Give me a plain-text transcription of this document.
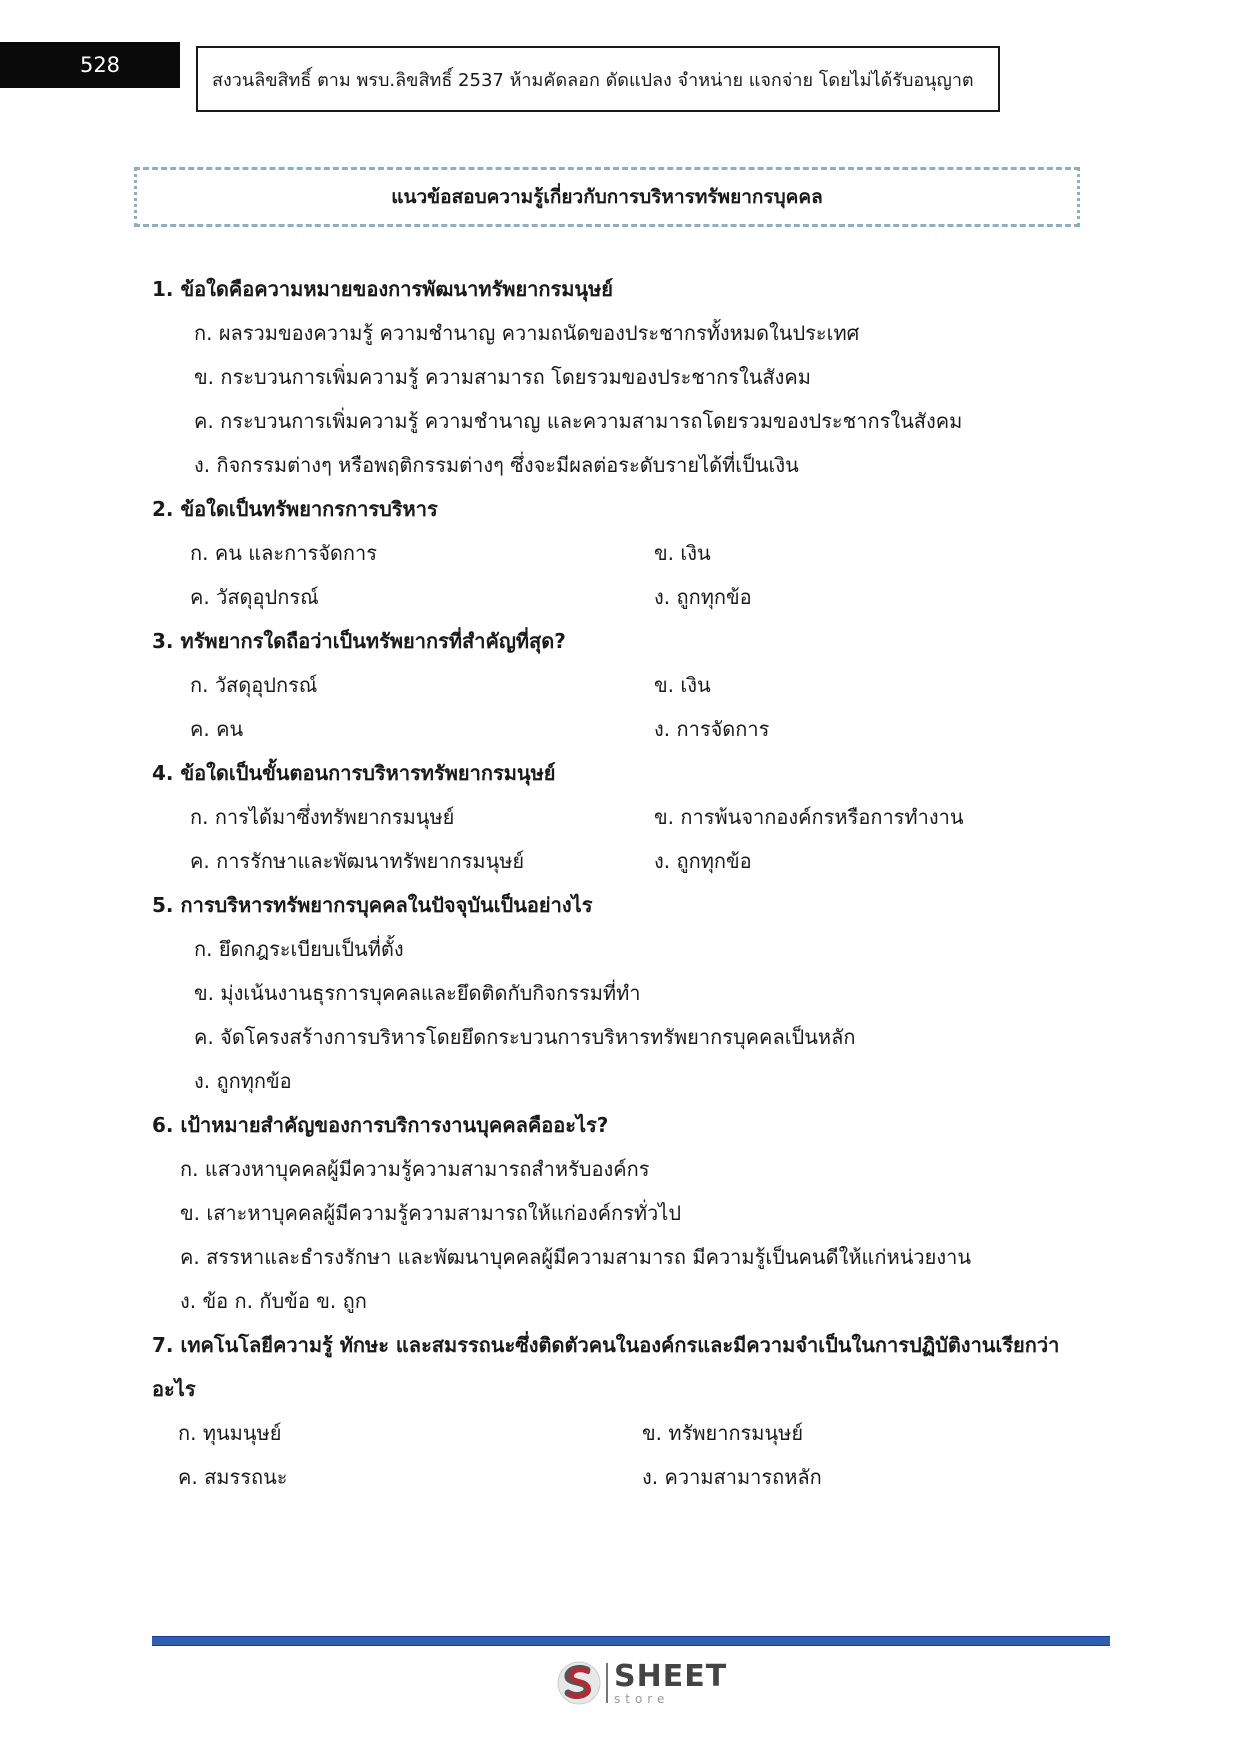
528
สงวนลิขสิทธิ์ ตาม พรบ.ลิขสิทธิ์ 2537 ห้ามคัดลอก ดัดแปลง จำหน่าย แจกจ่าย โดยไม่ได้รับอนุญาต
แนวข้อสอบความรู้เกี่ยวกับการบริหารทรัพยากรบุคคล
1. ข้อใดคือความหมายของการพัฒนาทรัพยากรมนุษย์
ก. ผลรวมของความรู้ ความชำนาญ ความถนัดของประชากรทั้งหมดในประเทศ
ข. กระบวนการเพิ่มความรู้ ความสามารถ โดยรวมของประชากรในสังคม
ค. กระบวนการเพิ่มความรู้ ความชำนาญ และความสามารถโดยรวมของประชากรในสังคม
ง. กิจกรรมต่างๆ หรือพฤติกรรมต่างๆ ซึ่งจะมีผลต่อระดับรายได้ที่เป็นเงิน
2. ข้อใดเป็นทรัพยากรการบริหาร
ก. คน และการจัดการ	ข. เงิน
ค. วัสดุอุปกรณ์	ง. ถูกทุกข้อ
3. ทรัพยากรใดถือว่าเป็นทรัพยากรที่สำคัญที่สุด?
ก. วัสดุอุปกรณ์	ข. เงิน
ค. คน	ง. การจัดการ
4. ข้อใดเป็นขั้นตอนการบริหารทรัพยากรมนุษย์
ก. การได้มาซึ่งทรัพยากรมนุษย์	ข. การพ้นจากองค์กรหรือการทำงาน
ค. การรักษาและพัฒนาทรัพยากรมนุษย์	ง. ถูกทุกข้อ
5. การบริหารทรัพยากรบุคคลในปัจจุบันเป็นอย่างไร
ก. ยึดกฎระเบียบเป็นที่ตั้ง
ข. มุ่งเน้นงานธุรการบุคคลและยึดติดกับกิจกรรมที่ทำ
ค. จัดโครงสร้างการบริหารโดยยึดกระบวนการบริหารทรัพยากรบุคคลเป็นหลัก
ง. ถูกทุกข้อ
6. เป้าหมายสำคัญของการบริการงานบุคคลคืออะไร?
ก. แสวงหาบุคคลผู้มีความรู้ความสามารถสำหรับองค์กร
ข. เสาะหาบุคคลผู้มีความรู้ความสามารถให้แก่องค์กรทั่วไป
ค. สรรหาและธำรงรักษา และพัฒนาบุคคลผู้มีความสามารถ มีความรู้เป็นคนดีให้แก่หน่วยงาน
ง. ข้อ ก. กับข้อ ข. ถูก
7. เทคโนโลยีความรู้ ทักษะ และสมรรถนะซึ่งติดตัวคนในองค์กรและมีความจำเป็นในการปฏิบัติงานเรียกว่าอะไร
ก. ทุนมนุษย์	ข. ทรัพยากรมนุษย์
ค. สมรรถนะ	ง. ความสามารถหลัก
SHEET
store
